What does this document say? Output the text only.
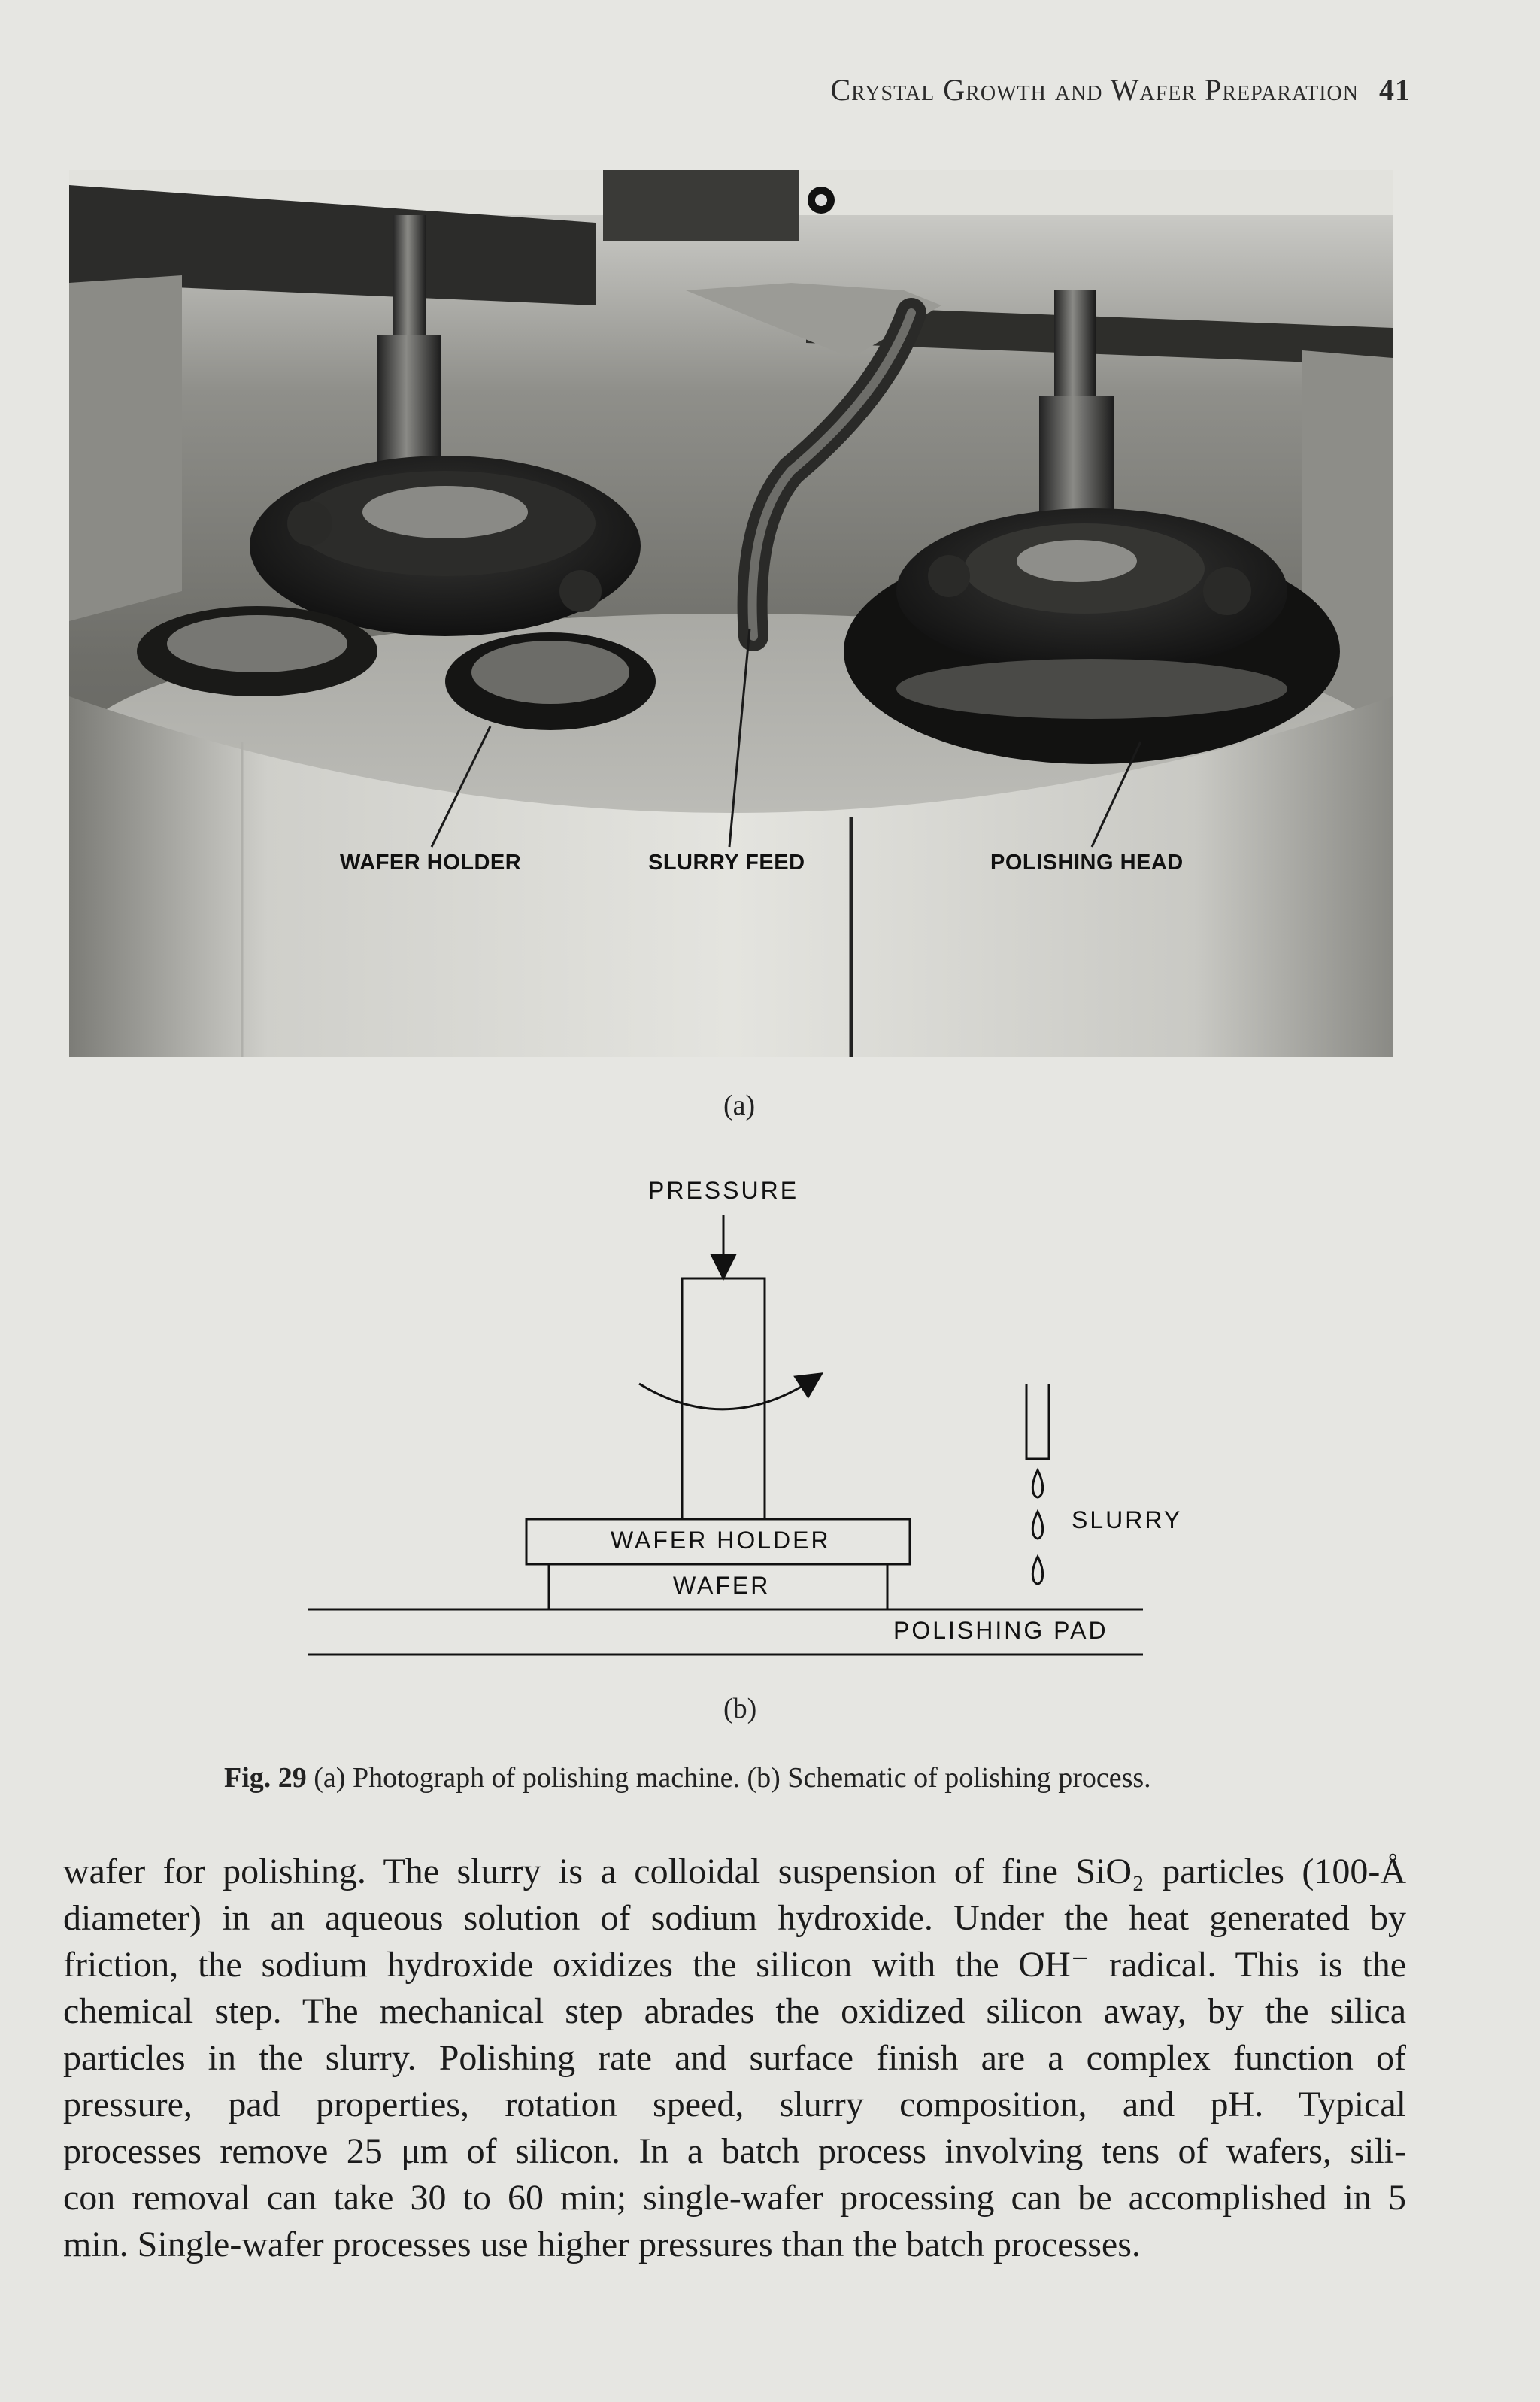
Crystal Growth and Wafer Preparation 41
WAFER HOLDER	SLURRY FEED	POLISHING HEAD
(a)
PRESSURE
WAFER HOLDER
WAFER
SLURRY
POLISHING PAD
(b)
Fig. 29 (a) Photograph of polishing machine. (b) Schematic of polishing process.
wafer for polishing. The slurry is a colloidal suspension of fine SiO₂ particles (100-Å
diameter) in an aqueous solution of sodium hydroxide. Under the heat generated by
friction, the sodium hydroxide oxidizes the silicon with the OH⁻ radical. This is the
chemical step. The mechanical step abrades the oxidized silicon away, by the silica
particles in the slurry. Polishing rate and surface finish are a complex function of
pressure, pad properties, rotation speed, slurry composition, and pH. Typical
processes remove 25 μm of silicon. In a batch process involving tens of wafers, sili-
con removal can take 30 to 60 min; single-wafer processing can be accomplished in 5
min. Single-wafer processes use higher pressures than the batch processes.
